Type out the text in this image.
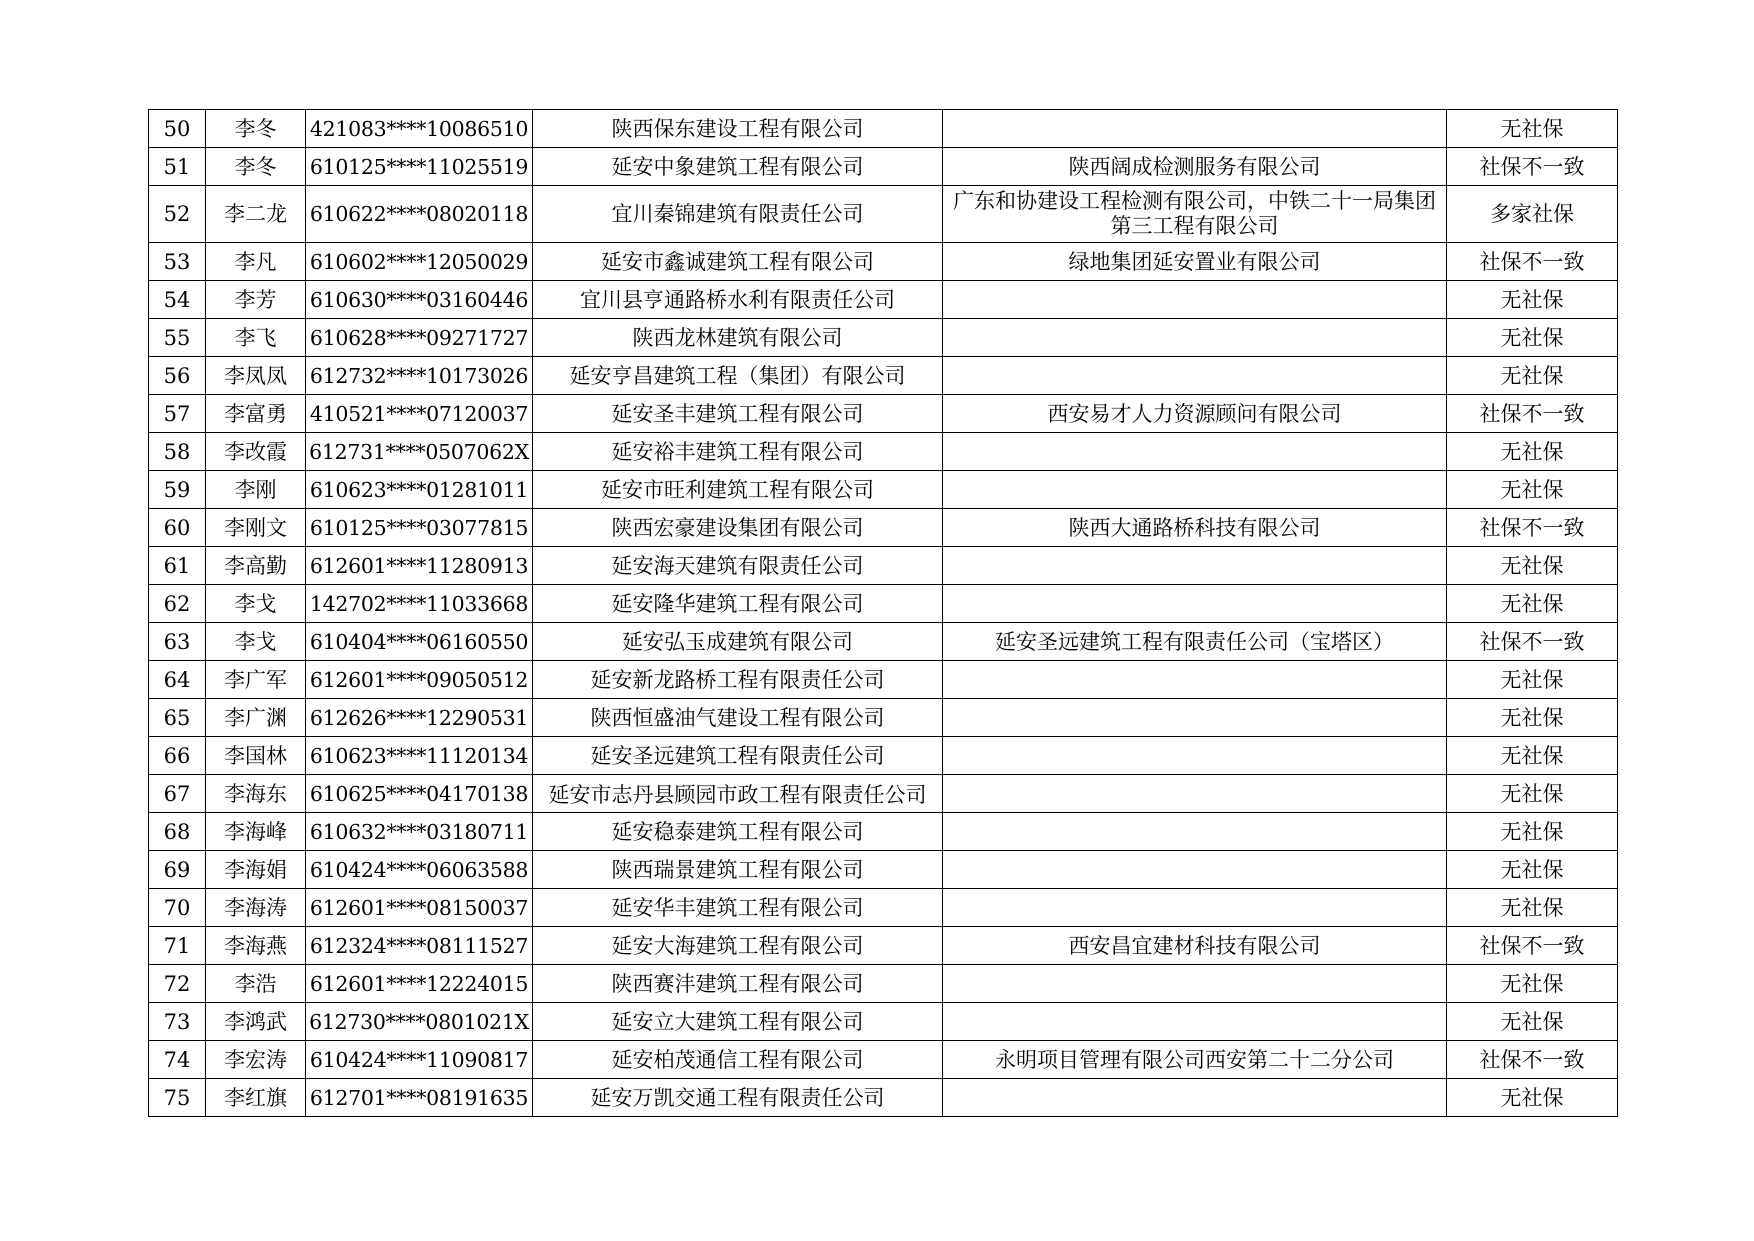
50	李冬	421083****10086510	陕西保东建设工程有限公司		无社保
51	李冬	610125****11025519	延安中象建筑工程有限公司	陕西阔成检测服务有限公司	社保不一致
52	李二龙	610622****08020118	宜川秦锦建筑有限责任公司	广东和协建设工程检测有限公司，中铁二十一局集团第三工程有限公司	多家社保
53	李凡	610602****12050029	延安市鑫诚建筑工程有限公司	绿地集团延安置业有限公司	社保不一致
54	李芳	610630****03160446	宜川县亨通路桥水利有限责任公司		无社保
55	李飞	610628****09271727	陕西龙林建筑有限公司		无社保
56	李凤凤	612732****10173026	延安亨昌建筑工程（集团）有限公司		无社保
57	李富勇	410521****07120037	延安圣丰建筑工程有限公司	西安易才人力资源顾问有限公司	社保不一致
58	李改霞	612731****0507062X	延安裕丰建筑工程有限公司		无社保
59	李刚	610623****01281011	延安市旺利建筑工程有限公司		无社保
60	李刚文	610125****03077815	陕西宏豪建设集团有限公司	陕西大通路桥科技有限公司	社保不一致
61	李高勤	612601****11280913	延安海天建筑有限责任公司		无社保
62	李戈	142702****11033668	延安隆华建筑工程有限公司		无社保
63	李戈	610404****06160550	延安弘玉成建筑有限公司	延安圣远建筑工程有限责任公司（宝塔区）	社保不一致
64	李广军	612601****09050512	延安新龙路桥工程有限责任公司		无社保
65	李广渊	612626****12290531	陕西恒盛油气建设工程有限公司		无社保
66	李国林	610623****11120134	延安圣远建筑工程有限责任公司		无社保
67	李海东	610625****04170138	延安市志丹县顾园市政工程有限责任公司		无社保
68	李海峰	610632****03180711	延安稳泰建筑工程有限公司		无社保
69	李海娟	610424****06063588	陕西瑞景建筑工程有限公司		无社保
70	李海涛	612601****08150037	延安华丰建筑工程有限公司		无社保
71	李海燕	612324****08111527	延安大海建筑工程有限公司	西安昌宜建材科技有限公司	社保不一致
72	李浩	612601****12224015	陕西赛沣建筑工程有限公司		无社保
73	李鸿武	612730****0801021X	延安立大建筑工程有限公司		无社保
74	李宏涛	610424****11090817	延安柏茂通信工程有限公司	永明项目管理有限公司西安第二十二分公司	社保不一致
75	李红旗	612701****08191635	延安万凯交通工程有限责任公司		无社保
